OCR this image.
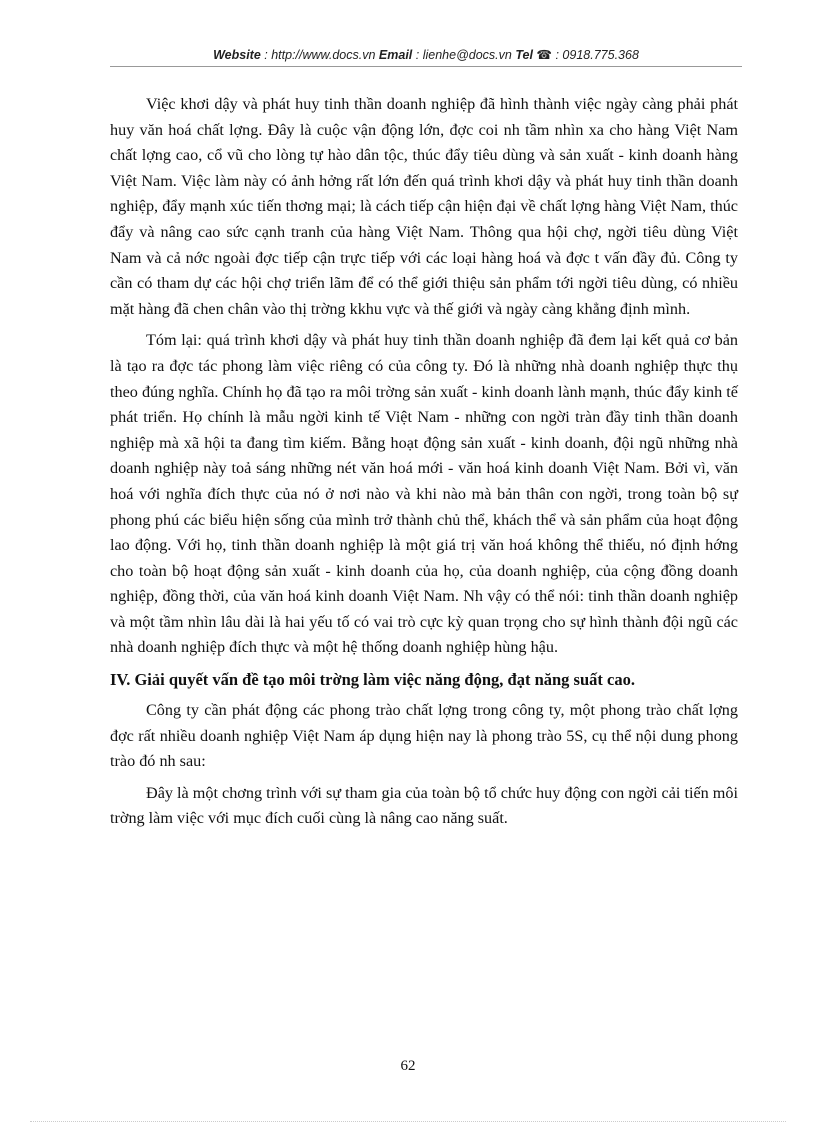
Website : http://www.docs.vn Email : lienhe@docs.vn Tel ☎ : 0918.775.368

Việc khơi dậy và phát huy tinh thần doanh nghiệp đã hình thành việc ngày càng phải phát huy văn hoá chất lợng. Đây là cuộc vận động lớn, đợc coi nh tầm nhìn xa cho hàng Việt Nam chất lợng cao, cổ vũ cho lòng tự hào dân tộc, thúc đẩy tiêu dùng và sản xuất - kinh doanh hàng Việt Nam. Việc làm này có ảnh hởng rất lớn đến quá trình khơi dậy và phát huy tinh thần doanh nghiệp, đẩy mạnh xúc tiến thơng mại; là cách tiếp cận hiện đại về chất lợng hàng Việt Nam, thúc đẩy và nâng cao sức cạnh tranh của hàng Việt Nam. Thông qua hội chợ, ngời tiêu dùng Việt Nam và cả nớc ngoài đợc tiếp cận trực tiếp với các loại hàng hoá và đợc t vấn đầy đủ. Công ty cần có tham dự các hội chợ triển lãm để có thể giới thiệu sản phẩm tới ngời tiêu dùng, có nhiều mặt hàng đã chen chân vào thị trờng kkhu vực và thế giới và ngày càng khẳng định mình.

Tóm lại: quá trình khơi dậy và phát huy tinh thần doanh nghiệp đã đem lại kết quả cơ bản là tạo ra đợc tác phong làm việc riêng có của công ty. Đó là những nhà doanh nghiệp thực thụ theo đúng nghĩa. Chính họ đã tạo ra môi trờng sản xuất - kinh doanh lành mạnh, thúc đẩy kinh tế phát triển. Họ chính là mẫu ngời kinh tế Việt Nam - những con ngời tràn đầy tinh thần doanh nghiệp mà xã hội ta đang tìm kiếm. Bằng hoạt động sản xuất - kinh doanh, đội ngũ những nhà doanh nghiệp này toả sáng những nét văn hoá mới - văn hoá kinh doanh Việt Nam. Bởi vì, văn hoá với nghĩa đích thực của nó ở nơi nào và khi nào mà bản thân con ngời, trong toàn bộ sự phong phú các biểu hiện sống của mình trở thành chủ thể, khách thể và sản phẩm của hoạt động lao động. Với họ, tinh thần doanh nghiệp là một giá trị văn hoá không thể thiếu, nó định hớng cho toàn bộ hoạt động sản xuất - kinh doanh của họ, của doanh nghiệp, của cộng đồng doanh nghiệp, đồng thời, của văn hoá kinh doanh Việt Nam. Nh vậy có thể nói: tinh thần doanh nghiệp và một tầm nhìn lâu dài là hai yếu tố có vai trò cực kỳ quan trọng cho sự hình thành đội ngũ các nhà doanh nghiệp đích thực và một hệ thống doanh nghiệp hùng hậu.

IV. Giải quyết vấn đề tạo môi trờng làm việc năng động, đạt năng suất cao.

Công ty cần phát động các phong trào chất lợng trong công ty, một phong trào chất lợng đợc rất nhiều doanh nghiệp Việt Nam áp dụng hiện nay là phong trào 5S, cụ thể nội dung phong trào đó nh sau:

Đây là một chơng trình với sự tham gia của toàn bộ tổ chức huy động con ngời cải tiến môi trờng làm việc với mục đích cuối cùng là nâng cao năng suất.

62
